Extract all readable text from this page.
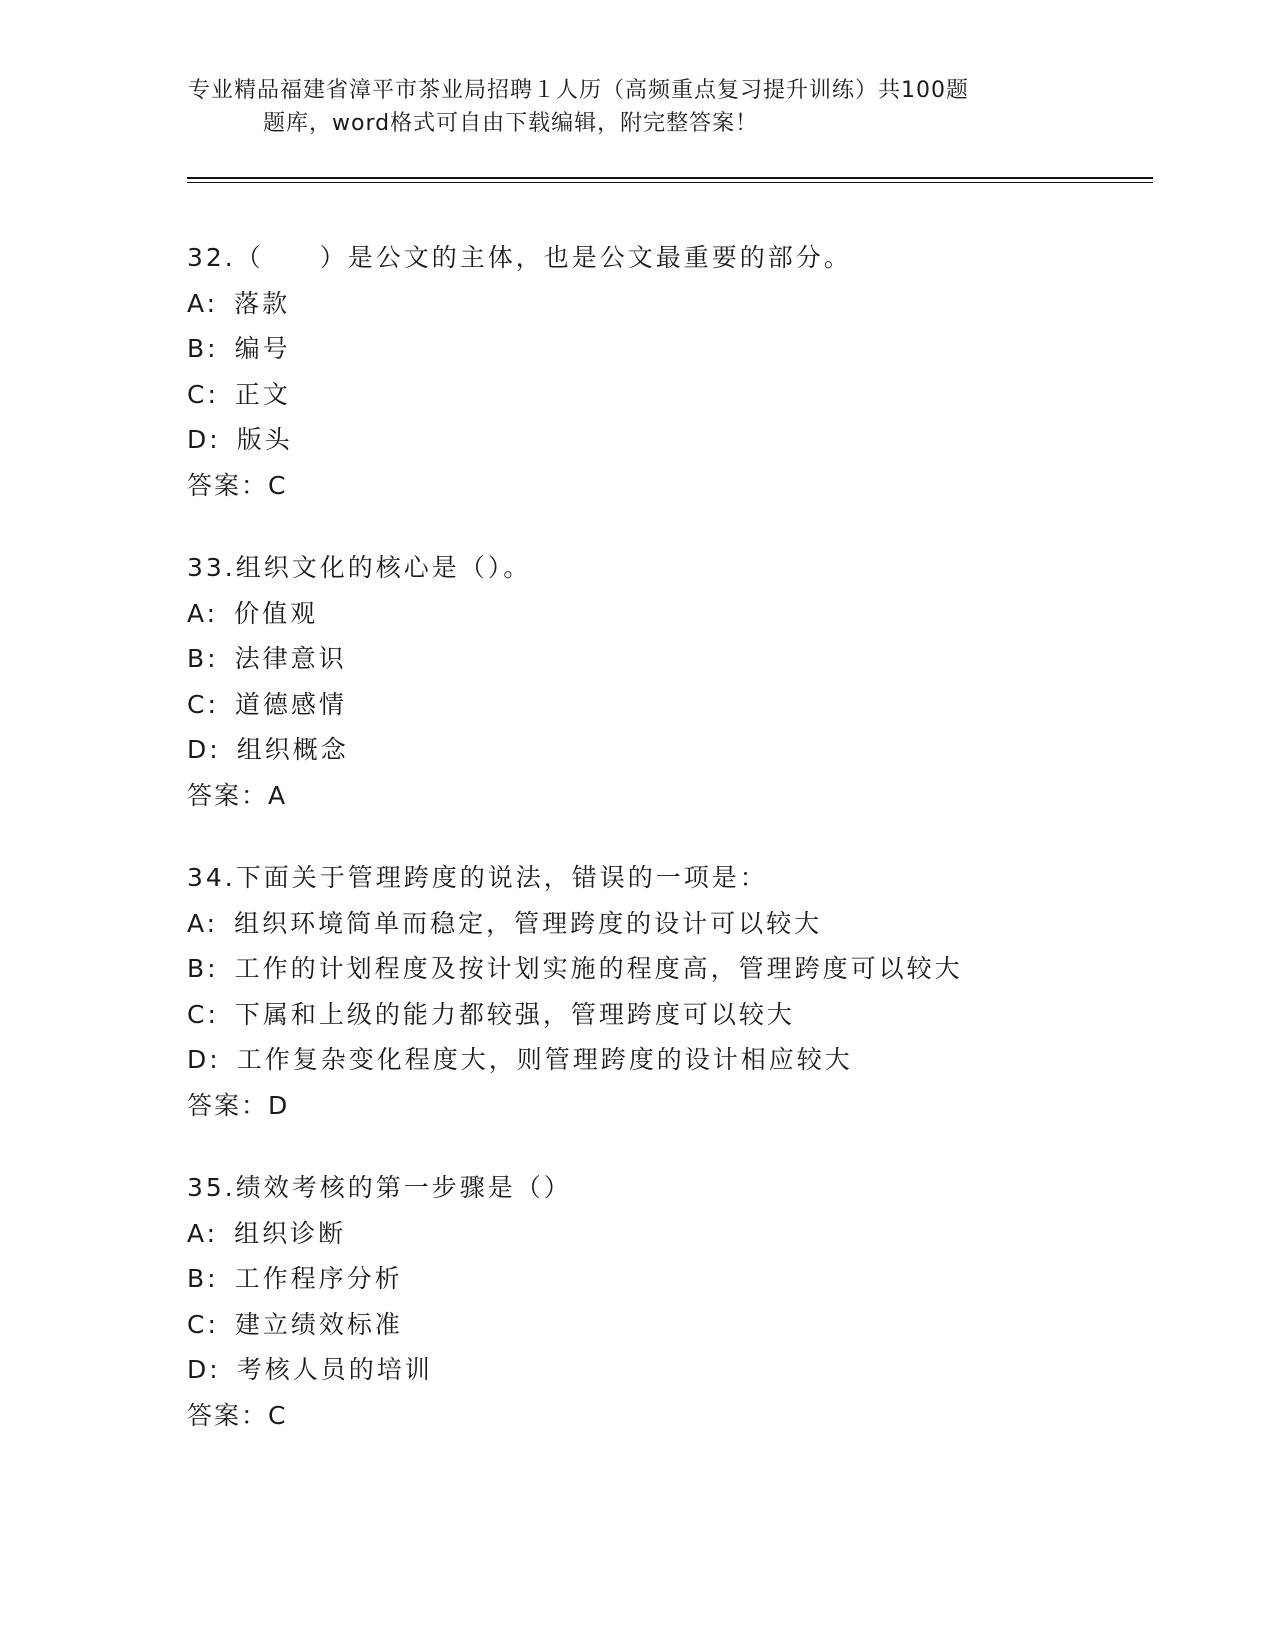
专业精品福建省漳平市茶业局招聘１人历（高频重点复习提升训练）共100题
题库，word格式可自由下载编辑，附完整答案！
32.（　　）是公文的主体，也是公文最重要的部分。
A: 落款
B: 编号
C: 正文
D: 版头
答案：C
33.组织文化的核心是（）。
A: 价值观
B: 法律意识
C: 道德感情
D: 组织概念
答案：A
34.下面关于管理跨度的说法，错误的一项是：
A: 组织环境简单而稳定，管理跨度的设计可以较大
B: 工作的计划程度及按计划实施的程度高，管理跨度可以较大
C: 下属和上级的能力都较强，管理跨度可以较大
D: 工作复杂变化程度大，则管理跨度的设计相应较大
答案：D
35.绩效考核的第一步骤是（）
A: 组织诊断
B: 工作程序分析
C: 建立绩效标准
D: 考核人员的培训
答案：C
